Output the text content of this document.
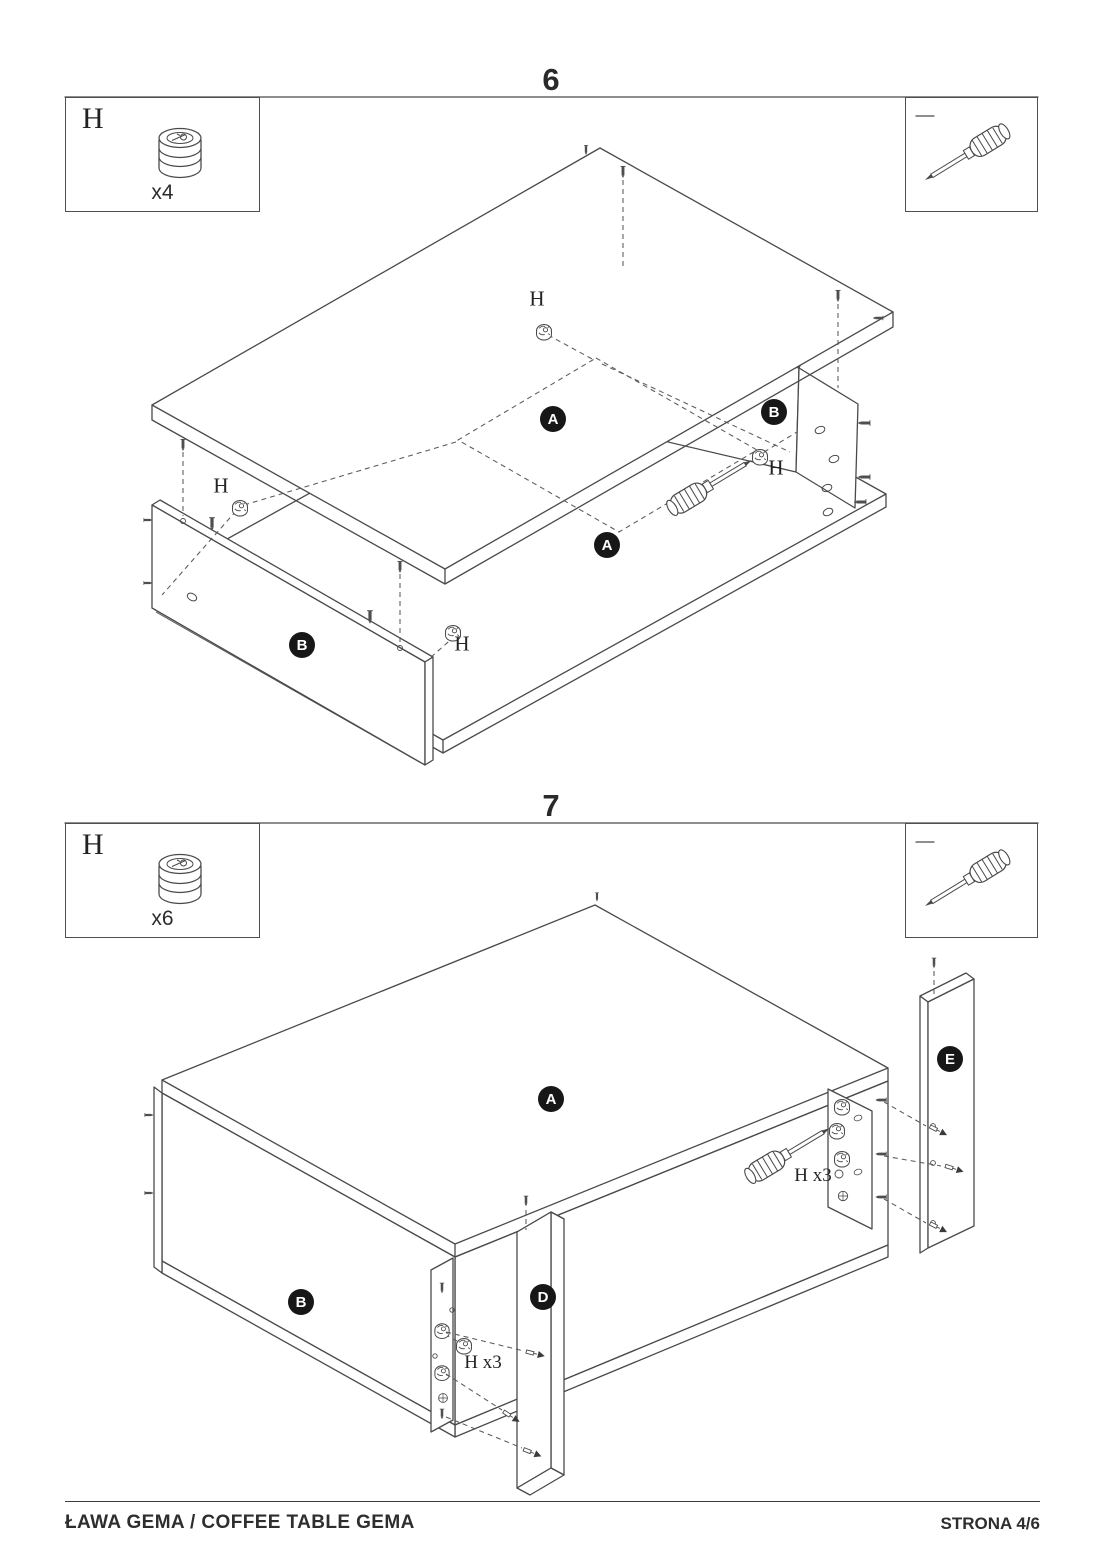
6
H
x4
A	B
A
B
H
H
H
H
7
H
x6
A
B	D
E
H x3
H x3
ŁAWA GEMA / COFFEE TABLE GEMA	STRONA 4/6
